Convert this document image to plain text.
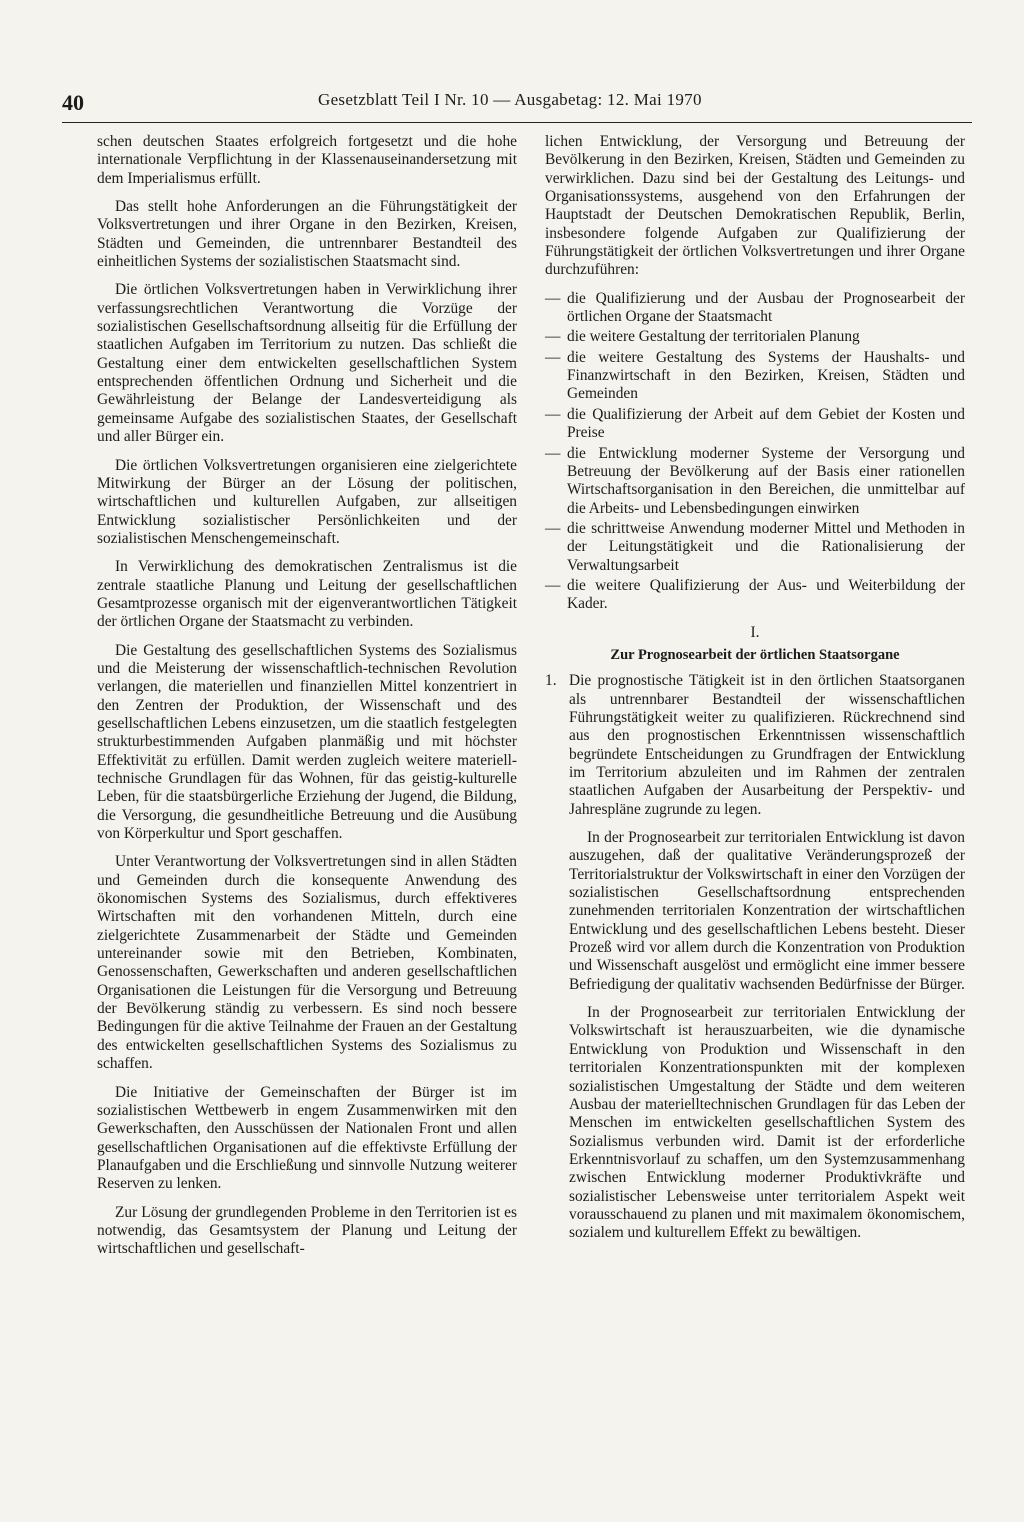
40	Gesetzblatt Teil I Nr. 10 — Ausgabetag: 12. Mai 1970

schen deutschen Staates erfolgreich fortgesetzt und die hohe internationale Verpflichtung in der Klassenauseinandersetzung mit dem Imperialismus erfüllt.

Das stellt hohe Anforderungen an die Führungstätigkeit der Volksvertretungen und ihrer Organe in den Bezirken, Kreisen, Städten und Gemeinden, die untrennbarer Bestandteil des einheitlichen Systems der sozialistischen Staatsmacht sind.

Die örtlichen Volksvertretungen haben in Verwirklichung ihrer verfassungsrechtlichen Verantwortung die Vorzüge der sozialistischen Gesellschaftsordnung allseitig für die Erfüllung der staatlichen Aufgaben im Territorium zu nutzen. Das schließt die Gestaltung einer dem entwickelten gesellschaftlichen System entsprechenden öffentlichen Ordnung und Sicherheit und die Gewährleistung der Belange der Landesverteidigung als gemeinsame Aufgabe des sozialistischen Staates, der Gesellschaft und aller Bürger ein.

Die örtlichen Volksvertretungen organisieren eine zielgerichtete Mitwirkung der Bürger an der Lösung der politischen, wirtschaftlichen und kulturellen Aufgaben, zur allseitigen Entwicklung sozialistischer Persönlichkeiten und der sozialistischen Menschengemeinschaft.

In Verwirklichung des demokratischen Zentralismus ist die zentrale staatliche Planung und Leitung der gesellschaftlichen Gesamtprozesse organisch mit der eigenverantwortlichen Tätigkeit der örtlichen Organe der Staatsmacht zu verbinden.

Die Gestaltung des gesellschaftlichen Systems des Sozialismus und die Meisterung der wissenschaftlich-technischen Revolution verlangen, die materiellen und finanziellen Mittel konzentriert in den Zentren der Produktion, der Wissenschaft und des gesellschaftlichen Lebens einzusetzen, um die staatlich festgelegten strukturbestimmenden Aufgaben planmäßig und mit höchster Effektivität zu erfüllen. Damit werden zugleich weitere materiell-technische Grundlagen für das Wohnen, für das geistig-kulturelle Leben, für die staatsbürgerliche Erziehung der Jugend, die Bildung, die Versorgung, die gesundheitliche Betreuung und die Ausübung von Körperkultur und Sport geschaffen.

Unter Verantwortung der Volksvertretungen sind in allen Städten und Gemeinden durch die konsequente Anwendung des ökonomischen Systems des Sozialismus, durch effektiveres Wirtschaften mit den vorhandenen Mitteln, durch eine zielgerichtete Zusammenarbeit der Städte und Gemeinden untereinander sowie mit den Betrieben, Kombinaten, Genossenschaften, Gewerkschaften und anderen gesellschaftlichen Organisationen die Leistungen für die Versorgung und Betreuung der Bevölkerung ständig zu verbessern. Es sind noch bessere Bedingungen für die aktive Teilnahme der Frauen an der Gestaltung des entwickelten gesellschaftlichen Systems des Sozialismus zu schaffen.

Die Initiative der Gemeinschaften der Bürger ist im sozialistischen Wettbewerb in engem Zusammenwirken mit den Gewerkschaften, den Ausschüssen der Nationalen Front und allen gesellschaftlichen Organisationen auf die effektivste Erfüllung der Planaufgaben und die Erschließung und sinnvolle Nutzung weiterer Reserven zu lenken.

Zur Lösung der grundlegenden Probleme in den Territorien ist es notwendig, das Gesamtsystem der Planung und Leitung der wirtschaftlichen und gesellschaft-

lichen Entwicklung, der Versorgung und Betreuung der Bevölkerung in den Bezirken, Kreisen, Städten und Gemeinden zu verwirklichen. Dazu sind bei der Gestaltung des Leitungs- und Organisationssystems, ausgehend von den Erfahrungen der Hauptstadt der Deutschen Demokratischen Republik, Berlin, insbesondere folgende Aufgaben zur Qualifizierung der Führungstätigkeit der örtlichen Volksvertretungen und ihrer Organe durchzuführen:

— die Qualifizierung und der Ausbau der Prognosearbeit der örtlichen Organe der Staatsmacht
— die weitere Gestaltung der territorialen Planung
— die weitere Gestaltung des Systems der Haushalts- und Finanzwirtschaft in den Bezirken, Kreisen, Städten und Gemeinden
— die Qualifizierung der Arbeit auf dem Gebiet der Kosten und Preise
— die Entwicklung moderner Systeme der Versorgung und Betreuung der Bevölkerung auf der Basis einer rationellen Wirtschaftsorganisation in den Bereichen, die unmittelbar auf die Arbeits- und Lebensbedingungen einwirken
— die schrittweise Anwendung moderner Mittel und Methoden in der Leitungstätigkeit und die Rationalisierung der Verwaltungsarbeit
— die weitere Qualifizierung der Aus- und Weiterbildung der Kader.
I.
Zur Prognosearbeit der örtlichen Staatsorgane
1. Die prognostische Tätigkeit ist in den örtlichen Staatsorganen als untrennbarer Bestandteil der wissenschaftlichen Führungstätigkeit weiter zu qualifizieren. Rückrechnend sind aus den prognostischen Erkenntnissen wissenschaftlich begründete Entscheidungen zu Grundfragen der Entwicklung im Territorium abzuleiten und im Rahmen der zentralen staatlichen Aufgaben der Ausarbeitung der Perspektiv- und Jahrespläne zugrunde zu legen.

In der Prognosearbeit zur territorialen Entwicklung ist davon auszugehen, daß der qualitative Veränderungsprozeß der Territorialstruktur der Volkswirtschaft in einer den Vorzügen der sozialistischen Gesellschaftsordnung entsprechenden zunehmenden territorialen Konzentration der wirtschaftlichen Entwicklung und des gesellschaftlichen Lebens besteht. Dieser Prozeß wird vor allem durch die Konzentration von Produktion und Wissenschaft ausgelöst und ermöglicht eine immer bessere Befriedigung der qualitativ wachsenden Bedürfnisse der Bürger.

In der Prognosearbeit zur territorialen Entwicklung der Volkswirtschaft ist herauszuarbeiten, wie die dynamische Entwicklung von Produktion und Wissenschaft in den territorialen Konzentrationspunkten mit der komplexen sozialistischen Umgestaltung der Städte und dem weiteren Ausbau der materielltechnischen Grundlagen für das Leben der Menschen im entwickelten gesellschaftlichen System des Sozialismus verbunden wird. Damit ist der erforderliche Erkenntnisvorlauf zu schaffen, um den Systemzusammenhang zwischen Entwicklung moderner Produktivkräfte und sozialistischer Lebensweise unter territorialem Aspekt weit vorausschauend zu planen und mit maximalem ökonomischem, sozialem und kulturellem Effekt zu bewältigen.
